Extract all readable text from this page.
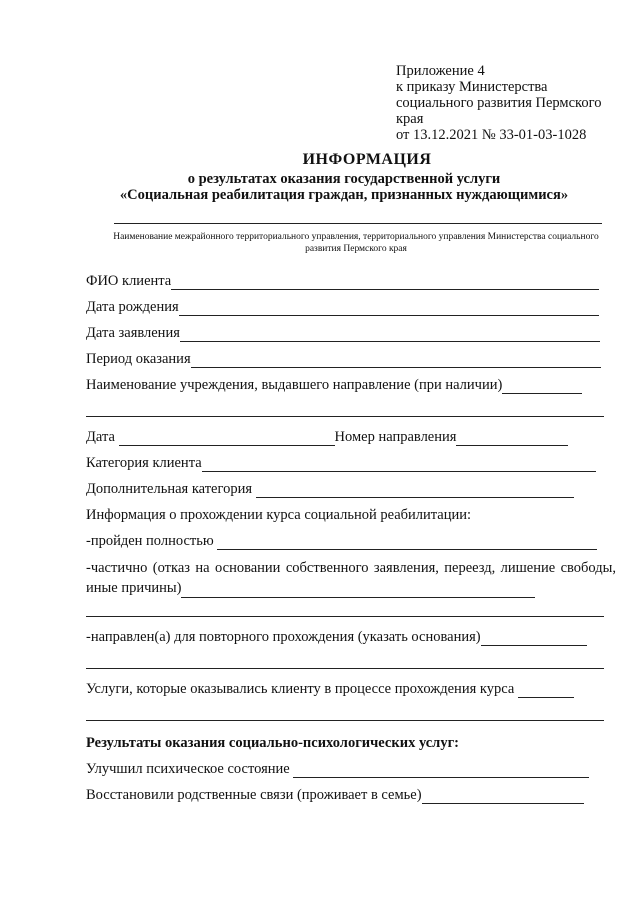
Приложение 4
к приказу Министерства
социального развития Пермского
края
от 13.12.2021 № 33-01-03-1028
ИНФОРМАЦИЯ
о результатах оказания государственной услуги
«Социальная реабилитация граждан, признанных нуждающимися»
Наименование межрайонного территориального управления, территориального управления Министерства социального развития Пермского края
ФИО клиента
Дата рождения
Дата заявления
Период оказания
Наименование учреждения, выдавшего направление (при наличии)
Дата	Номер направления
Категория клиента
Дополнительная категория
Информация о прохождении курса социальной реабилитации:
-пройден полностью
-частично (отказ на основании собственного заявления, переезд, лишение свободы, иные причины)
-направлен(а) для повторного прохождения (указать основания)
Услуги, которые оказывались клиенту в процессе прохождения курса
Результаты оказания социально-психологических услуг:
Улучшил психическое состояние
Восстановили родственные связи (проживает в семье)
